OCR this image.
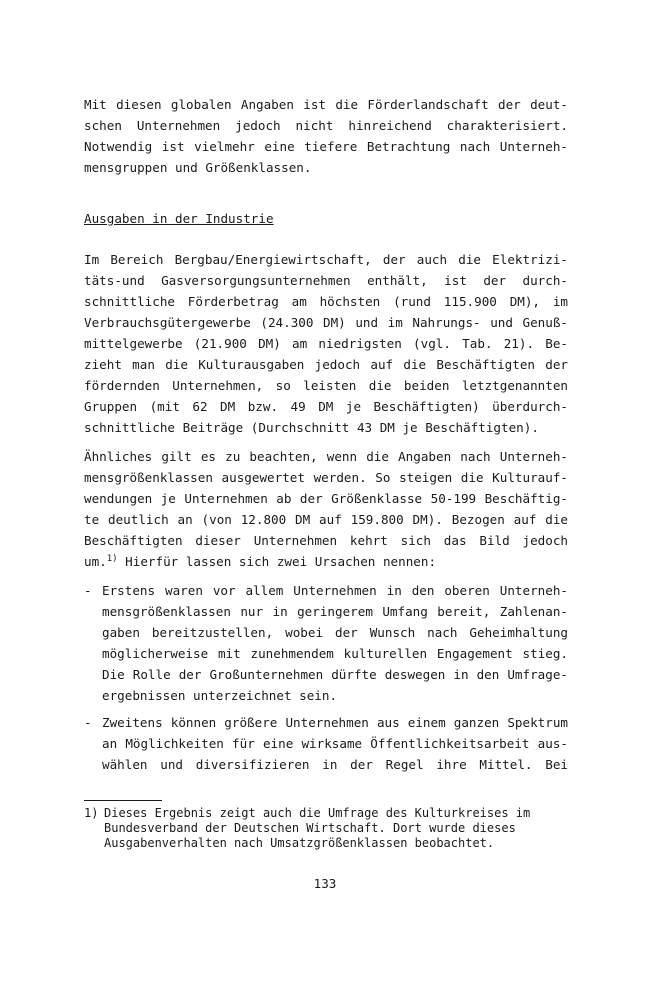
Mit diesen globalen Angaben ist die Förderlandschaft der deut-
schen Unternehmen jedoch nicht hinreichend charakterisiert.
Notwendig ist vielmehr eine tiefere Betrachtung nach Unterneh-
mensgruppen und Größenklassen.
Ausgaben in der Industrie
Im Bereich Bergbau/Energiewirtschaft, der auch die Elektrizi-
täts-und Gasversorgungsunternehmen enthält, ist der durch-
schnittliche Förderbetrag am höchsten (rund 115.900 DM), im
Verbrauchsgütergewerbe (24.300 DM) und im Nahrungs- und Genuß-
mittelgewerbe (21.900 DM) am niedrigsten (vgl. Tab. 21). Be-
zieht man die Kulturausgaben jedoch auf die Beschäftigten der
fördernden Unternehmen, so leisten die beiden letztgenannten
Gruppen (mit 62 DM bzw. 49 DM je Beschäftigten) überdurch-
schnittliche Beiträge (Durchschnitt 43 DM je Beschäftigten).
Ähnliches gilt es zu beachten, wenn die Angaben nach Unterneh-
mensgrößenklassen ausgewertet werden. So steigen die Kulturauf-
wendungen je Unternehmen ab der Größenklasse 50-199 Beschäftig-
te deutlich an (von 12.800 DM auf 159.800 DM). Bezogen auf die
Beschäftigten dieser Unternehmen kehrt sich das Bild jedoch
um.$^{1)}$ Hierfür lassen sich zwei Ursachen nennen:
- Erstens waren vor allem Unternehmen in den oberen Unterneh-
mensgrößenklassen nur in geringerem Umfang bereit, Zahlenan-
gaben bereitzustellen, wobei der Wunsch nach Geheimhaltung
möglicherweise mit zunehmendem kulturellen Engagement stieg.
Die Rolle der Großunternehmen dürfte deswegen in den Umfrage-
ergebnissen unterzeichnet sein.
- Zweitens können größere Unternehmen aus einem ganzen Spektrum
an Möglichkeiten für eine wirksame Öffentlichkeitsarbeit aus-
wählen und diversifizieren in der Regel ihre Mittel. Bei
1) Dieses Ergebnis zeigt auch die Umfrage des Kulturkreises im
Bundesverband der Deutschen Wirtschaft. Dort wurde dieses
Ausgabenverhalten nach Umsatzgrößenklassen beobachtet.
133
